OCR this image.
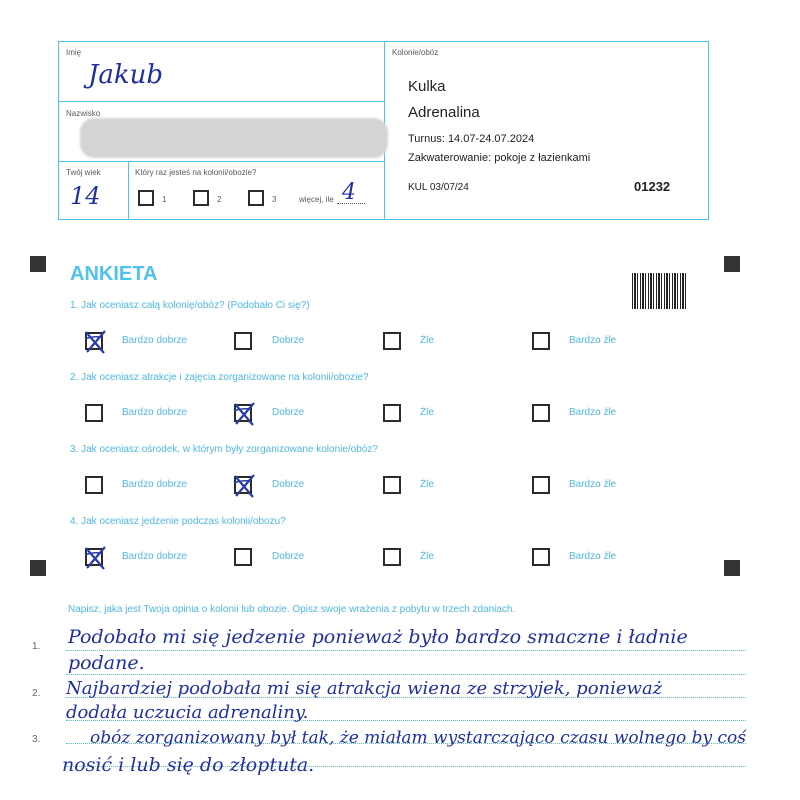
Imię
Jakub
Nazwisko
Twój wiek
14
Który raz jesteś na kolonii/obozie?
1	2	3	więcej, ile 4
Kolonie/obóz
Kulka
Adrenalina
Turnus: 14.07-24.07.2024
Zakwaterowanie: pokoje z łazienkami
KUL 03/07/24	01232
ANKIETA
1. Jak oceniasz całą kolonię/obóz? (Podobało Ci się?)
Bardzo dobrze	Dobrze	Źle	Bardzo źle
2. Jak oceniasz atrakcje i zajęcia zorganizowane na kolonii/obozie?
Bardzo dobrze	Dobrze	Źle	Bardzo źle
3. Jak oceniasz ośrodek, w którym były zorganizowane kolonie/obóz?
Bardzo dobrze	Dobrze	Źle	Bardzo źle
4. Jak oceniasz jedzenie podczas kolonii/obozu?
Bardzo dobrze	Dobrze	Źle	Bardzo źle
Napisz, jaka jest Twoja opinia o kolonii lub obozie. Opisz swoje wrażenia z pobytu w trzech zdaniach.
1.
2.
3.
Podobało mi się jedzenie ponieważ było bardzo smaczne i ładnie
podane.
Najbardziej podobała mi się atrakcja wiena ze strzyjek, ponieważ
dodała uczucia adrenaliny.
obóz zorganizowany był tak, że miałam wystarczająco czasu wolnego by coś
nosić i lub się do złoptuta.
